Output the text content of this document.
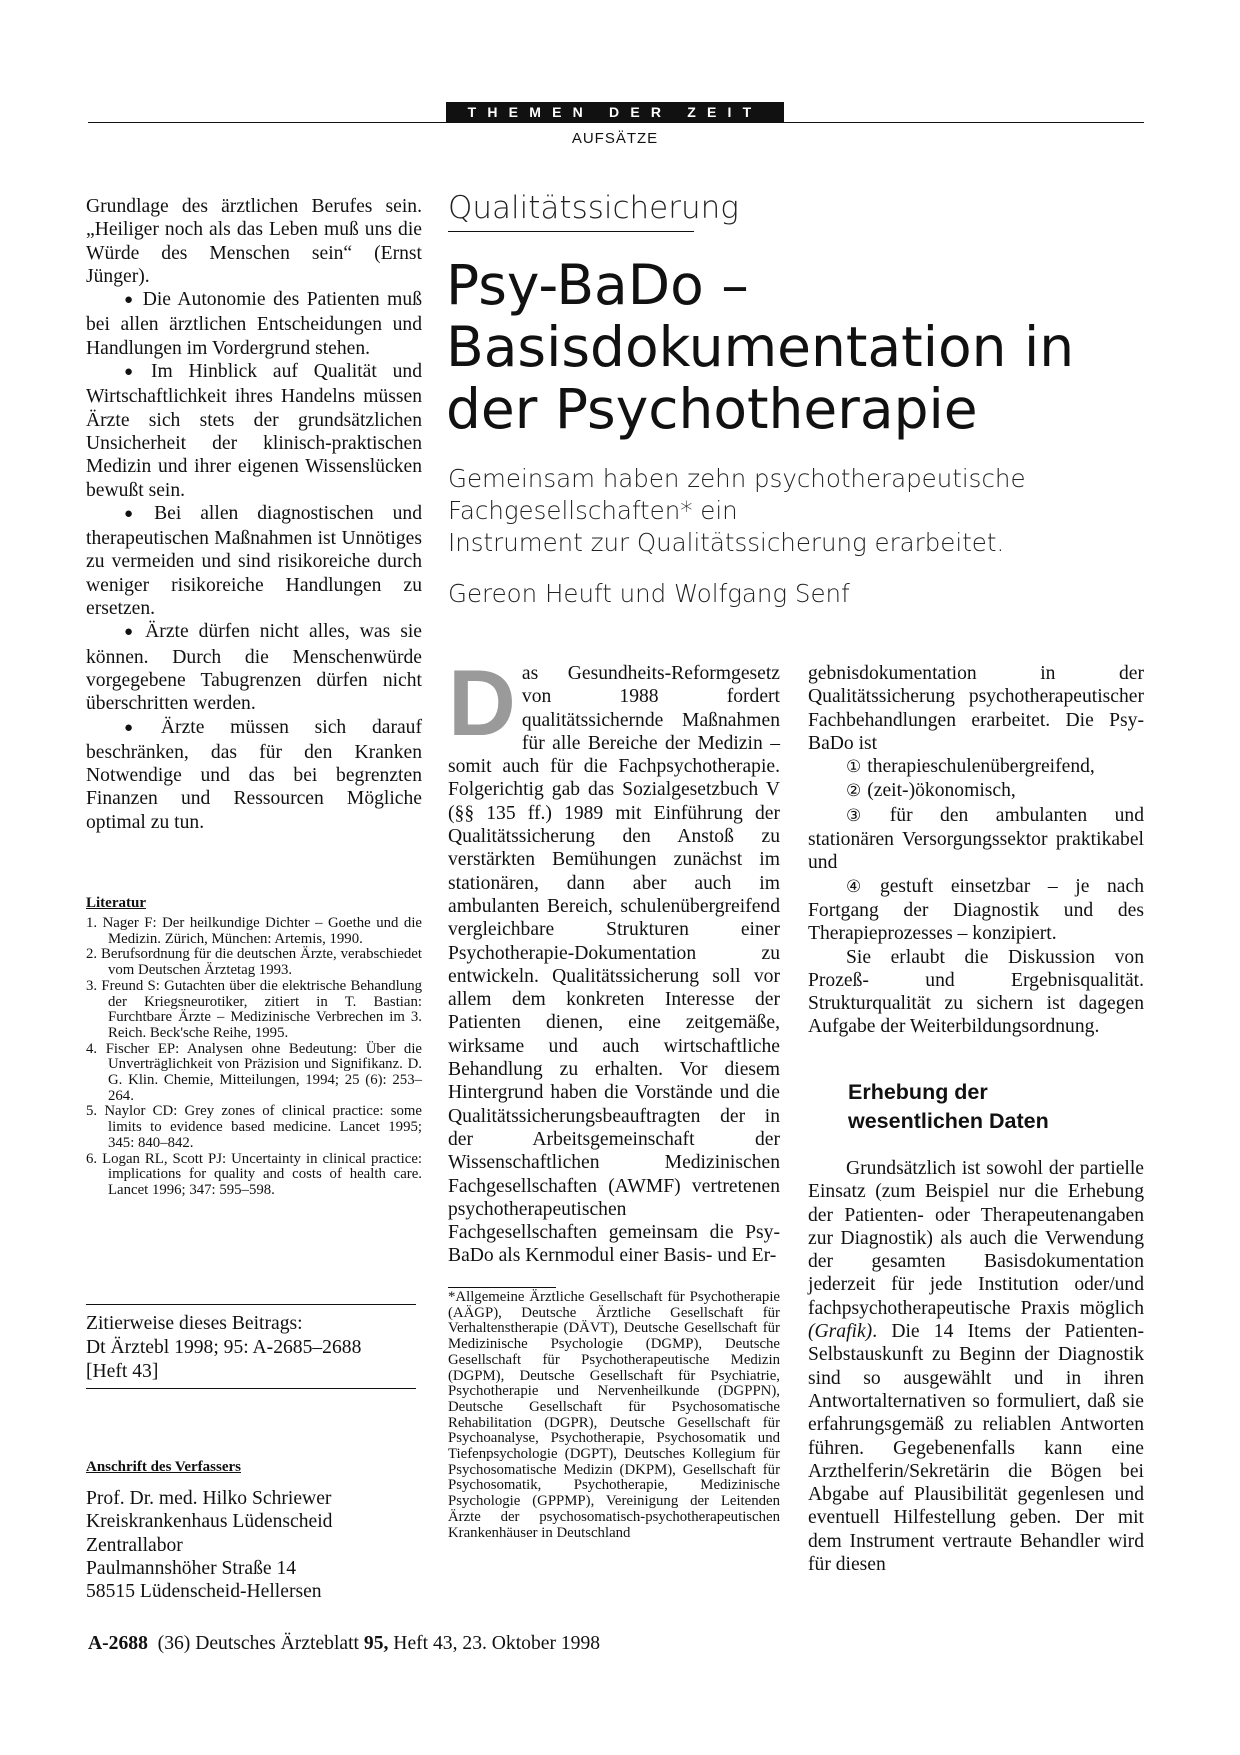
THEMEN DER ZEIT
AUFSÄTZE

Grundlage des ärztlichen Berufes sein. „Heiliger noch als das Leben muß uns die Würde des Menschen sein“ (Ernst Jünger).

● Die Autonomie des Patienten muß bei allen ärztlichen Entscheidungen und Handlungen im Vordergrund stehen.

● Im Hinblick auf Qualität und Wirtschaftlichkeit ihres Handelns müssen Ärzte sich stets der grundsätzlichen Unsicherheit der klinisch-praktischen Medizin und ihrer eigenen Wissenslücken bewußt sein.

● Bei allen diagnostischen und therapeutischen Maßnahmen ist Unnötiges zu vermeiden und sind risikoreiche durch weniger risikoreiche Handlungen zu ersetzen.

● Ärzte dürfen nicht alles, was sie können. Durch die Menschenwürde vorgegebene Tabugrenzen dürfen nicht überschritten werden.

● Ärzte müssen sich darauf beschränken, das für den Kranken Notwendige und das bei begrenzten Finanzen und Ressourcen Mögliche optimal zu tun.

Literatur
1. Nager F: Der heilkundige Dichter – Goethe und die Medizin. Zürich, München: Artemis, 1990.
2. Berufsordnung für die deutschen Ärzte, verabschiedet vom Deutschen Ärztetag 1993.
3. Freund S: Gutachten über die elektrische Behandlung der Kriegsneurotiker, zitiert in T. Bastian: Furchtbare Ärzte – Medizinische Verbrechen im 3. Reich. Beck'sche Reihe, 1995.
4. Fischer EP: Analysen ohne Bedeutung: Über die Unverträglichkeit von Präzision und Signifikanz. D. G. Klin. Chemie, Mitteilungen, 1994; 25 (6): 253–264.
5. Naylor CD: Grey zones of clinical practice: some limits to evidence based medicine. Lancet 1995; 345: 840–842.
6. Logan RL, Scott PJ: Uncertainty in clinical practice: implications for quality and costs of health care. Lancet 1996; 347: 595–598.
Zitierweise dieses Beitrags:
Dt Ärztebl 1998; 95: A-2685–2688
[Heft 43]
Anschrift des Verfassers
Prof. Dr. med. Hilko Schriewer
Kreiskrankenhaus Lüdenscheid
Zentrallabor
Paulmannshöher Straße 14
58515 Lüdenscheid-Hellersen
Qualitätssicherung
Psy-BaDo –
Basisdokumentation in
der Psychotherapie
Gemeinsam haben zehn psychotherapeutische
Fachgesellschaften* ein
Instrument zur Qualitätssicherung erarbeitet.
Gereon Heuft und Wolfgang Senf

Das Gesundheits-Reformgesetz von 1988 fordert qualitätssichernde Maßnahmen für alle Bereiche der Medizin – somit auch für die Fachpsychotherapie. Folgerichtig gab das Sozialgesetzbuch V (§§ 135 ff.) 1989 mit Einführung der Qualitätssicherung den Anstoß zu verstärkten Bemühungen zunächst im stationären, dann aber auch im ambulanten Bereich, schulenübergreifend vergleichbare Strukturen einer Psychotherapie-Dokumentation zu entwickeln. Qualitätssicherung soll vor allem dem konkreten Interesse der Patienten dienen, eine zeitgemäße, wirksame und auch wirtschaftliche Behandlung zu erhalten. Vor diesem Hintergrund haben die Vorstände und die Qualitätssicherungsbeauftragten der in der Arbeitsgemeinschaft der Wissenschaftlichen Medizinischen Fachgesellschaften (AWMF) vertretenen psychotherapeutischen Fachgesellschaften gemeinsam die Psy-BaDo als Kernmodul einer Basis- und Er-

*Allgemeine Ärztliche Gesellschaft für Psychotherapie (AÄGP), Deutsche Ärztliche Gesellschaft für Verhaltenstherapie (DÄVT), Deutsche Gesellschaft für Medizinische Psychologie (DGMP), Deutsche Gesellschaft für Psychotherapeutische Medizin (DGPM), Deutsche Gesellschaft für Psychiatrie, Psychotherapie und Nervenheilkunde (DGPPN), Deutsche Gesellschaft für Psychosomatische Rehabilitation (DGPR), Deutsche Gesellschaft für Psychoanalyse, Psychotherapie, Psychosomatik und Tiefenpsychologie (DGPT), Deutsches Kollegium für Psychosomatische Medizin (DKPM), Gesellschaft für Psychosomatik, Psychotherapie, Medizinische Psychologie (GPPMP), Vereinigung der Leitenden Ärzte der psychosomatisch-psychotherapeutischen Krankenhäuser in Deutschland

gebnisdokumentation in der Qualitätssicherung psychotherapeutischer Fachbehandlungen erarbeitet. Die Psy-BaDo ist

① therapieschulenübergreifend,

② (zeit-)ökonomisch,

③ für den ambulanten und stationären Versorgungssektor praktikabel und

④ gestuft einsetzbar – je nach Fortgang der Diagnostik und des Therapieprozesses – konzipiert.

Sie erlaubt die Diskussion von Prozeß- und Ergebnisqualität. Strukturqualität zu sichern ist dagegen Aufgabe der Weiterbildungsordnung.

Erhebung der
wesentlichen Daten

Grundsätzlich ist sowohl der partielle Einsatz (zum Beispiel nur die Erhebung der Patienten- oder Therapeutenangaben zur Diagnostik) als auch die Verwendung der gesamten Basisdokumentation jederzeit für jede Institution oder/und fachpsychotherapeutische Praxis möglich (Grafik). Die 14 Items der Patienten-Selbstauskunft zu Beginn der Diagnostik sind so ausgewählt und in ihren Antwortalternativen so formuliert, daß sie erfahrungsgemäß zu reliablen Antworten führen. Gegebenenfalls kann eine Arzthelferin/Sekretärin die Bögen bei Abgabe auf Plausibilität gegenlesen und eventuell Hilfestellung geben. Der mit dem Instrument vertraute Behandler wird für diesen

A-2688 (36) Deutsches Ärzteblatt 95, Heft 43, 23. Oktober 1998
